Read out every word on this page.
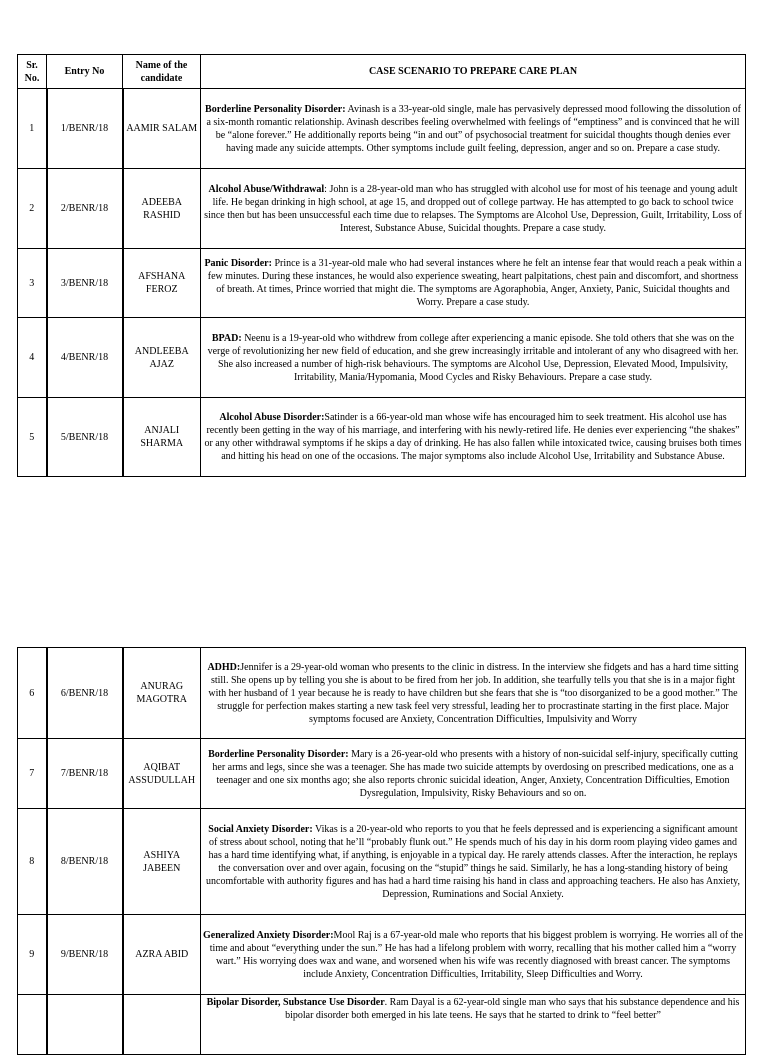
Sr. No.	Entry No	Name of the candidate	CASE SCENARIO TO PREPARE CARE PLAN
1	1/BENR/18	AAMIR SALAM	Borderline Personality Disorder: Avinash is a 33-year-old single, male has pervasively depressed mood following the dissolution of a six-month romantic relationship. Avinash describes feeling overwhelmed with feelings of “emptiness” and is convinced that he will be “alone forever.” He additionally reports being “in and out” of psychosocial treatment for suicidal thoughts though denies ever having made any suicide attempts. Other symptoms include guilt feeling, depression, anger and so on. Prepare a case study.
2	2/BENR/18	ADEEBA RASHID	Alcohol Abuse/Withdrawal: John is a 28-year-old man who has struggled with alcohol use for most of his teenage and young adult life. He began drinking in high school, at age 15, and dropped out of college partway. He has attempted to go back to school twice since then but has been unsuccessful each time due to relapses. The Symptoms are Alcohol Use, Depression, Guilt, Irritability, Loss of Interest, Substance Abuse, Suicidal thoughts. Prepare a case study.
3	3/BENR/18	AFSHANA FEROZ	Panic Disorder: Prince is a 31-year-old male who had several instances where he felt an intense fear that would reach a peak within a few minutes. During these instances, he would also experience sweating, heart palpitations, chest pain and discomfort, and shortness of breath. At times, Prince worried that might die. The symptoms are Agoraphobia, Anger, Anxiety, Panic, Suicidal thoughts and Worry. Prepare a case study.
4	4/BENR/18	ANDLEEBA AJAZ	BPAD: Neenu is a 19-year-old who withdrew from college after experiencing a manic episode. She told others that she was on the verge of revolutionizing her new field of education, and she grew increasingly irritable and intolerant of any who disagreed with her. She also increased a number of high-risk behaviours. The symptoms are Alcohol Use, Depression, Elevated Mood, Impulsivity, Irritability, Mania/Hypomania, Mood Cycles and Risky Behaviours. Prepare a case study.
5	5/BENR/18	ANJALI SHARMA	Alcohol Abuse Disorder:Satinder is a 66-year-old man whose wife has encouraged him to seek treatment. His alcohol use has recently been getting in the way of his marriage, and interfering with his newly-retired life. He denies ever experiencing “the shakes” or any other withdrawal symptoms if he skips a day of drinking. He has also fallen while intoxicated twice, causing bruises both times and hitting his head on one of the occasions. The major symptoms also include Alcohol Use, Irritability and Substance Abuse.
6	6/BENR/18	ANURAG MAGOTRA	ADHD:Jennifer is a 29-year-old woman who presents to the clinic in distress. In the interview she fidgets and has a hard time sitting still. She opens up by telling you she is about to be fired from her job. In addition, she tearfully tells you that she is in a major fight with her husband of 1 year because he is ready to have children but she fears that she is “too disorganized to be a good mother.” The struggle for perfection makes starting a new task feel very stressful, leading her to procrastinate starting in the first place. Major symptoms focused are Anxiety, Concentration Difficulties, Impulsivity and Worry
7	7/BENR/18	AQIBAT ASSUDULLAH	Borderline Personality Disorder: Mary is a 26-year-old who presents with a history of non-suicidal self-injury, specifically cutting her arms and legs, since she was a teenager. She has made two suicide attempts by overdosing on prescribed medications, one as a teenager and one six months ago; she also reports chronic suicidal ideation, Anger, Anxiety, Concentration Difficulties, Emotion Dysregulation, Impulsivity, Risky Behaviours and so on.
8	8/BENR/18	ASHIYA JABEEN	Social Anxiety Disorder: Vikas is a 20-year-old who reports to you that he feels depressed and is experiencing a significant amount of stress about school, noting that he’ll “probably flunk out.” He spends much of his day in his dorm room playing video games and has a hard time identifying what, if anything, is enjoyable in a typical day. He rarely attends classes. After the interaction, he replays the conversation over and over again, focusing on the “stupid” things he said. Similarly, he has a long-standing history of being uncomfortable with authority figures and has had a hard time raising his hand in class and approaching teachers. He also has Anxiety, Depression, Ruminations and Social Anxiety.
9	9/BENR/18	AZRA ABID	Generalized Anxiety Disorder:Mool Raj is a 67-year-old male who reports that his biggest problem is worrying. He worries all of the time and about “everything under the sun.” He has had a lifelong problem with worry, recalling that his mother called him a “worry wart.” His worrying does wax and wane, and worsened when his wife was recently diagnosed with breast cancer. The symptoms include Anxiety, Concentration Difficulties, Irritability, Sleep Difficulties and Worry.
			Bipolar Disorder, Substance Use Disorder. Ram Dayal is a 62-year-old single man who says that his substance dependence and his bipolar disorder both emerged in his late teens. He says that he started to drink to “feel better”
